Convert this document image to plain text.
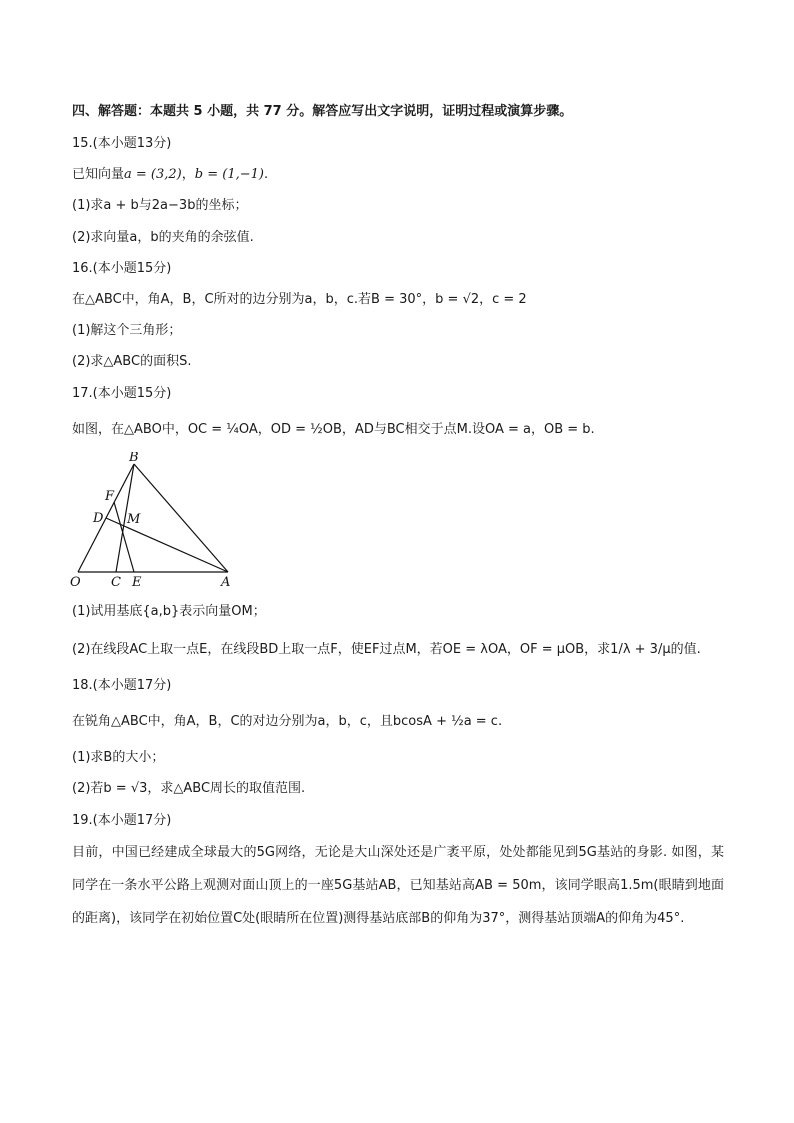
四、解答题：本题共 5 小题，共 77 分。解答应写出文字说明，证明过程或演算步骤。
15.(本小题13分)
已知向量a = (3,2)，b = (1,−1).
(1)求a + b与2a−3b的坐标；
(2)求向量a，b的夹角的余弦值.
16.(本小题15分)
在△ABC中，角A，B，C所对的边分别为a，b，c.若B = 30°，b = √2，c = 2
(1)解这个三角形；
(2)求△ABC的面积S.
17.(本小题15分)
如图，在△ABO中，OC = ¼OA，OD = ½OB，AD与BC相交于点M.设OA = a，OB = b.
B
F
D M
O C E	A
(1)试用基底{a,b}表示向量OM；
(2)在线段AC上取一点E，在线段BD上取一点F，使EF过点M，若OE = λOA，OF = μOB，求1/λ + 3/μ的值.
18.(本小题17分)
在锐角△ABC中，角A，B，C的对边分别为a，b，c，且bcosA + ½a = c.
(1)求B的大小；
(2)若b = √3，求△ABC周长的取值范围.
19.(本小题17分)
目前，中国已经建成全球最大的5G网络，无论是大山深处还是广袤平原，处处都能见到5G基站的身影. 如图，某同学在一条水平公路上观测对面山顶上的一座5G基站AB，已知基站高AB = 50m，该同学眼高1.5m(眼睛到地面的距离)，该同学在初始位置C处(眼睛所在位置)测得基站底部B的仰角为37°，测得基站顶端A的仰角为45°.
